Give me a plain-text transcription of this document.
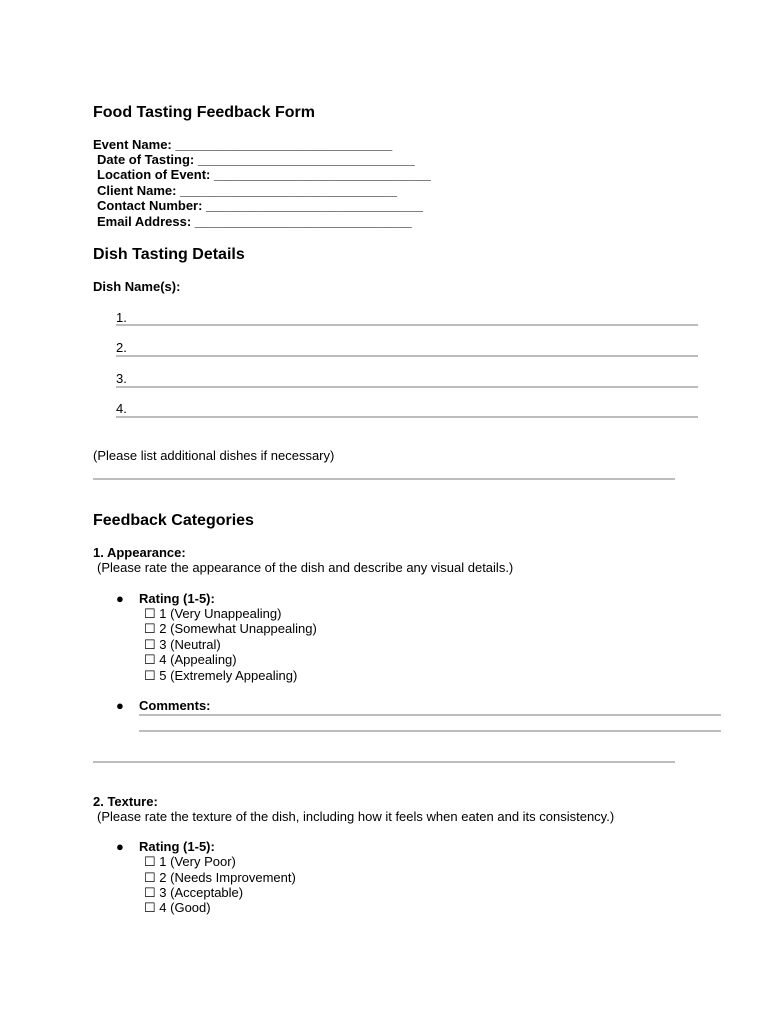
Food Tasting Feedback Form
Event Name: ______________________________
Date of Tasting: ______________________________
Location of Event: ______________________________
Client Name: ______________________________
Contact Number: ______________________________
Email Address: ______________________________
Dish Tasting Details
Dish Name(s):
1.
2.
3.
4.
(Please list additional dishes if necessary)
Feedback Categories
1. Appearance:
(Please rate the appearance of the dish and describe any visual details.)
● Rating (1-5):
☐ 1 (Very Unappealing)
☐ 2 (Somewhat Unappealing)
☐ 3 (Neutral)
☐ 4 (Appealing)
☐ 5 (Extremely Appealing)
● Comments:
2. Texture:
(Please rate the texture of the dish, including how it feels when eaten and its consistency.)
● Rating (1-5):
☐ 1 (Very Poor)
☐ 2 (Needs Improvement)
☐ 3 (Acceptable)
☐ 4 (Good)
